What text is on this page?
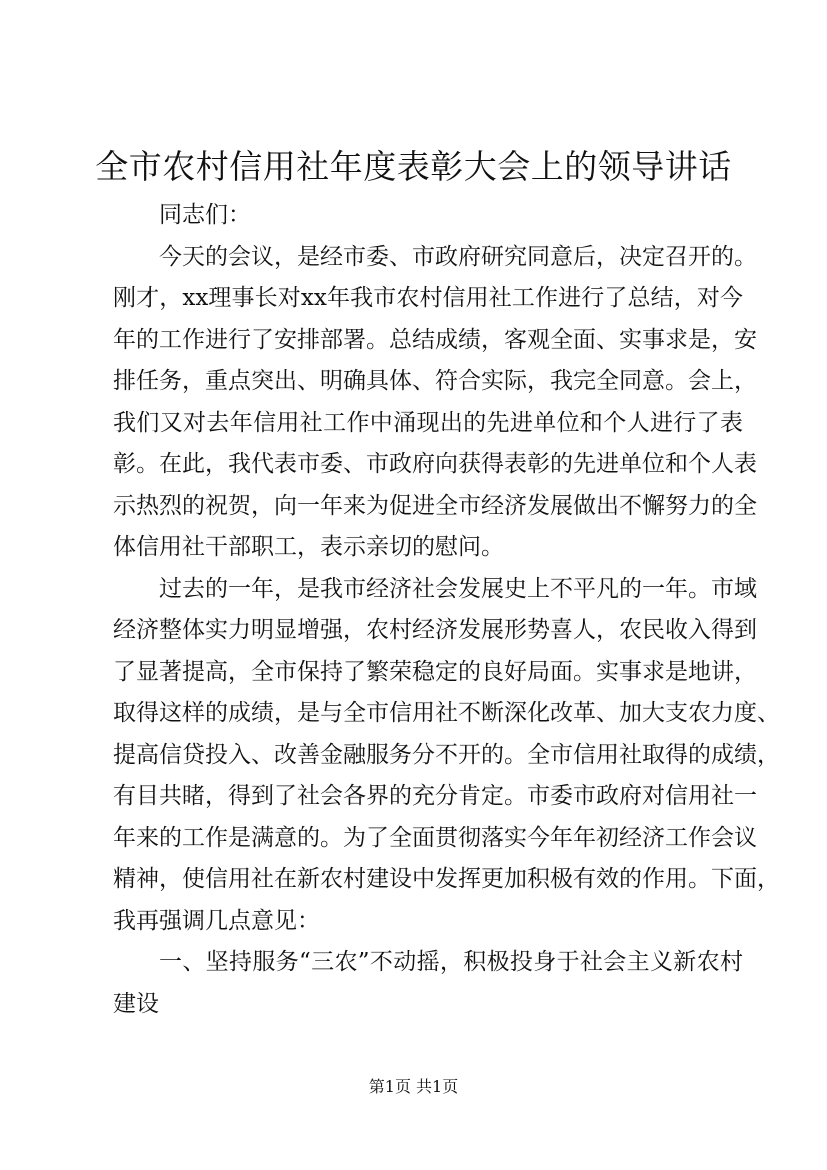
全市农村信用社年度表彰大会上的领导讲话
同志们：
今天的会议，是经市委、市政府研究同意后，决定召开的。
刚才，xx理事长对xx年我市农村信用社工作进行了总结，对今
年的工作进行了安排部署。总结成绩，客观全面、实事求是，安
排任务，重点突出、明确具体、符合实际，我完全同意。会上，
我们又对去年信用社工作中涌现出的先进单位和个人进行了表
彰。在此，我代表市委、市政府向获得表彰的先进单位和个人表
示热烈的祝贺，向一年来为促进全市经济发展做出不懈努力的全
体信用社干部职工，表示亲切的慰问。
过去的一年，是我市经济社会发展史上不平凡的一年。市域
经济整体实力明显增强，农村经济发展形势喜人，农民收入得到
了显著提高，全市保持了繁荣稳定的良好局面。实事求是地讲，
取得这样的成绩，是与全市信用社不断深化改革、加大支农力度、
提高信贷投入、改善金融服务分不开的。全市信用社取得的成绩，
有目共睹，得到了社会各界的充分肯定。市委市政府对信用社一
年来的工作是满意的。为了全面贯彻落实今年年初经济工作会议
精神，使信用社在新农村建设中发挥更加积极有效的作用。下面，
我再强调几点意见：
一、坚持服务“三农”不动摇，积极投身于社会主义新农村
建设
第1页 共1页
